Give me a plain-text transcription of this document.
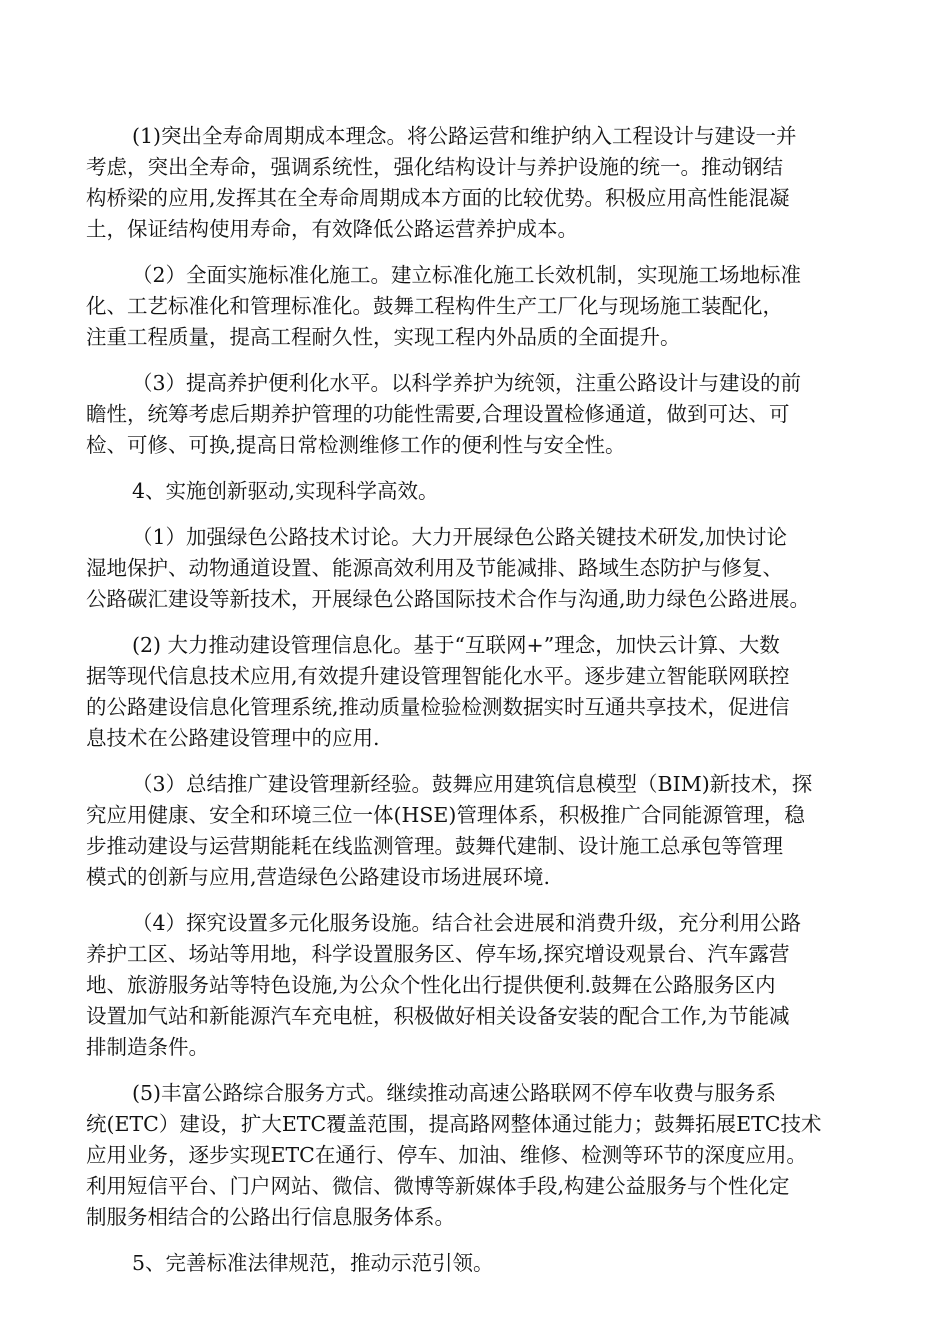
(1)突出全寿命周期成本理念。将公路运营和维护纳入工程设计与建设一并
考虑，突出全寿命，强调系统性，强化结构设计与养护设施的统一。推动钢结
构桥梁的应用,发挥其在全寿命周期成本方面的比较优势。积极应用高性能混凝
土，保证结构使用寿命，有效降低公路运营养护成本。

（2）全面实施标准化施工。建立标准化施工长效机制，实现施工场地标准
化、工艺标准化和管理标准化。鼓舞工程构件生产工厂化与现场施工装配化，
注重工程质量，提高工程耐久性，实现工程内外品质的全面提升。

（3）提高养护便利化水平。以科学养护为统领，注重公路设计与建设的前
瞻性，统筹考虑后期养护管理的功能性需要,合理设置检修通道，做到可达、可
检、可修、可换,提高日常检测维修工作的便利性与安全性。

4、实施创新驱动,实现科学高效。

（1）加强绿色公路技术讨论。大力开展绿色公路关键技术研发,加快讨论
湿地保护、动物通道设置、能源高效利用及节能减排、路域生态防护与修复、
公路碳汇建设等新技术，开展绿色公路国际技术合作与沟通,助力绿色公路进展。

(2) 大力推动建设管理信息化。基于“互联网+”理念，加快云计算、大数
据等现代信息技术应用,有效提升建设管理智能化水平。逐步建立智能联网联控
的公路建设信息化管理系统,推动质量检验检测数据实时互通共享技术，促进信
息技术在公路建设管理中的应用.

（3）总结推广建设管理新经验。鼓舞应用建筑信息模型（BIM)新技术，探
究应用健康、安全和环境三位一体(HSE)管理体系，积极推广合同能源管理，稳
步推动建设与运营期能耗在线监测管理。鼓舞代建制、设计施工总承包等管理
模式的创新与应用,营造绿色公路建设市场进展环境.

（4）探究设置多元化服务设施。结合社会进展和消费升级，充分利用公路
养护工区、场站等用地，科学设置服务区、停车场,探究增设观景台、汽车露营
地、旅游服务站等特色设施,为公众个性化出行提供便利.鼓舞在公路服务区内
设置加气站和新能源汽车充电桩，积极做好相关设备安装的配合工作,为节能减
排制造条件。

(5)丰富公路综合服务方式。继续推动高速公路联网不停车收费与服务系
统(ETC）建设，扩大ETC覆盖范围，提高路网整体通过能力；鼓舞拓展ETC技术
应用业务，逐步实现ETC在通行、停车、加油、维修、检测等环节的深度应用。
利用短信平台、门户网站、微信、微博等新媒体手段,构建公益服务与个性化定
制服务相结合的公路出行信息服务体系。

5、完善标准法律规范，推动示范引领。
